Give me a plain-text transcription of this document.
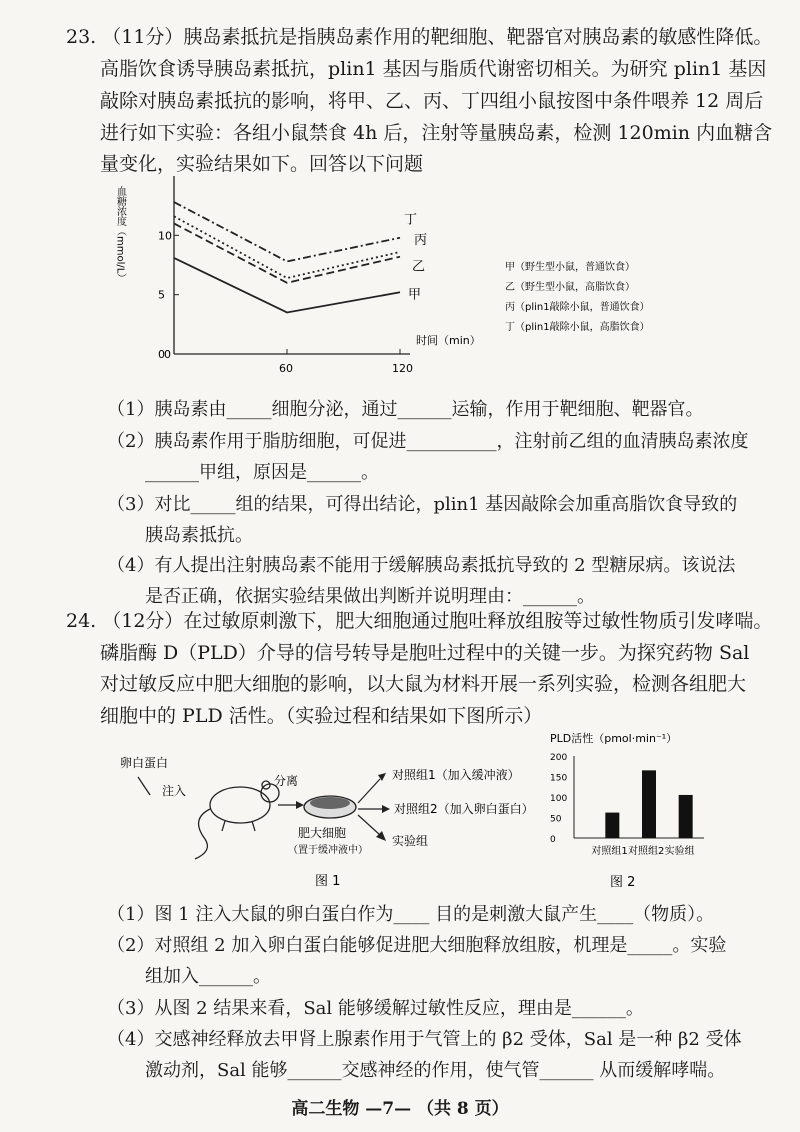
23. （11分）胰岛素抵抗是指胰岛素作用的靶细胞、靶器官对胰岛素的敏感性降低。
高脂饮食诱导胰岛素抵抗，plin1 基因与脂质代谢密切相关。为研究 plin1 基因
敲除对胰岛素抵抗的影响，将甲、乙、丙、丁四组小鼠按图中条件喂养 12 周后
进行如下实验：各组小鼠禁食 4h 后，注射等量胰岛素，检测 120min 内血糖含
量变化，实验结果如下。回答以下问题
0
5
10
60	120
0
血糖浓度（mmol/L）
时间（min）
甲
乙
丙
丁
甲（野生型小鼠，普通饮食）
乙（野生型小鼠，高脂饮食）
丙（plin1敲除小鼠，普通饮食）
丁（plin1敲除小鼠，高脂饮食）
（1）胰岛素由_____细胞分泌，通过______运输，作用于靶细胞、靶器官。
（2）胰岛素作用于脂肪细胞，可促进__________，注射前乙组的血清胰岛素浓度
______甲组，原因是______。
（3）对比_____组的结果，可得出结论，plin1 基因敲除会加重高脂饮食导致的
胰岛素抵抗。
（4）有人提出注射胰岛素不能用于缓解胰岛素抵抗导致的 2 型糖尿病。该说法
是否正确，依据实验结果做出判断并说明理由：______。
24. （12分）在过敏原刺激下，肥大细胞通过胞吐释放组胺等过敏性物质引发哮喘。
磷脂酶 D（PLD）介导的信号转导是胞吐过程中的关键一步。为探究药物 Sal
对过敏反应中肥大细胞的影响，以大鼠为材料开展一系列实验，检测各组肥大
细胞中的 PLD 活性。（实验过程和结果如下图所示）
卵白蛋白
注入
分离
肥大细胞
（置于缓冲液中）
对照组1（加入缓冲液）
对照组2（加入卵白蛋白）
实验组
图 1
PLD活性（pmol·min⁻¹）
0
50
100
150
200
对照组1 对照组2 实验组
图 2
（1）图 1 注入大鼠的卵白蛋白作为____ 目的是刺激大鼠产生____（物质）。
（2）对照组 2 加入卵白蛋白能够促进肥大细胞释放组胺，机理是_____。实验
组加入______。
（3）从图 2 结果来看，Sal 能够缓解过敏性反应，理由是______。
（4）交感神经释放去甲肾上腺素作用于气管上的 β2 受体，Sal 是一种 β2 受体
激动剂，Sal 能够______交感神经的作用，使气管______ 从而缓解哮喘。
高二生物 —7— （共 8 页）
